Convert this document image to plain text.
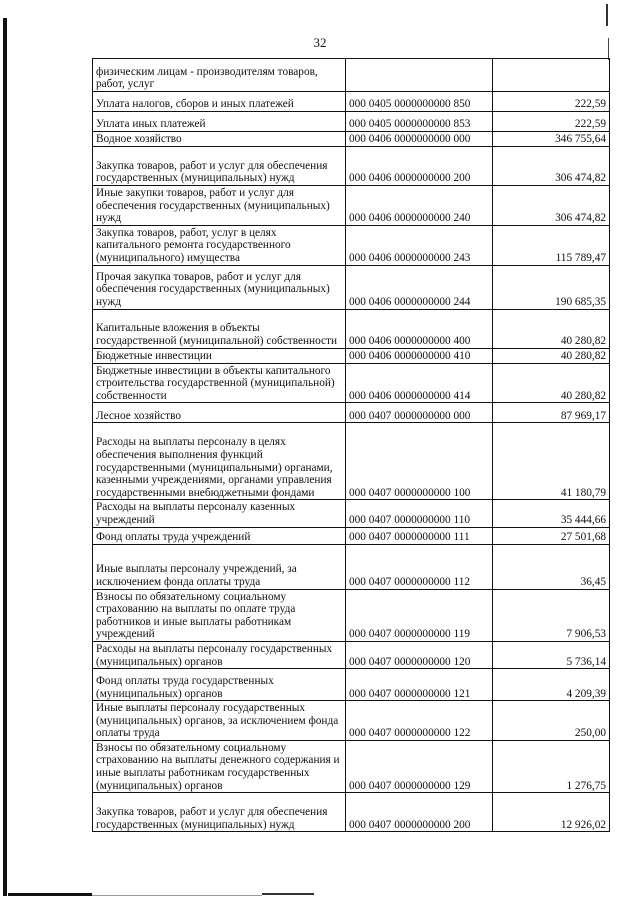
32
физическим лицам - производителям товаров, работ, услуг		
Уплата налогов, сборов и иных платежей	000 0405 0000000000 850	222,59
Уплата иных платежей	000 0405 0000000000 853	222,59
Водное хозяйство	000 0406 0000000000 000	346 755,64
Закупка товаров, работ и услуг для обеспечения государственных (муниципальных) нужд	000 0406 0000000000 200	306 474,82
Иные закупки товаров, работ и услуг для обеспечения государственных (муниципальных) нужд	000 0406 0000000000 240	306 474,82
Закупка товаров, работ, услуг в целях капитального ремонта государственного (муниципального) имущества	000 0406 0000000000 243	115 789,47
Прочая закупка товаров, работ и услуг для обеспечения государственных (муниципальных) нужд	000 0406 0000000000 244	190 685,35
Капитальные вложения в объекты государственной (муниципальной) собственности	000 0406 0000000000 400	40 280,82
Бюджетные инвестиции	000 0406 0000000000 410	40 280,82
Бюджетные инвестиции в объекты капитального строительства государственной (муниципальной) собственности	000 0406 0000000000 414	40 280,82
Лесное хозяйство	000 0407 0000000000 000	87 969,17
Расходы на выплаты персоналу в целях обеспечения выполнения функций государственными (муниципальными) органами, казенными учреждениями, органами управления государственными внебюджетными фондами	000 0407 0000000000 100	41 180,79
Расходы на выплаты персоналу казенных учреждений	000 0407 0000000000 110	35 444,66
Фонд оплаты труда учреждений	000 0407 0000000000 111	27 501,68
Иные выплаты персоналу учреждений, за исключением фонда оплаты труда	000 0407 0000000000 112	36,45
Взносы по обязательному социальному страхованию на выплаты по оплате труда работников и иные выплаты работникам учреждений	000 0407 0000000000 119	7 906,53
Расходы на выплаты персоналу государственных (муниципальных) органов	000 0407 0000000000 120	5 736,14
Фонд оплаты труда государственных (муниципальных) органов	000 0407 0000000000 121	4 209,39
Иные выплаты персоналу государственных (муниципальных) органов, за исключением фонда оплаты труда	000 0407 0000000000 122	250,00
Взносы по обязательному социальному страхованию на выплаты денежного содержания и иные выплаты работникам государственных (муниципальных) органов	000 0407 0000000000 129	1 276,75
Закупка товаров, работ и услуг для обеспечения государственных (муниципальных) нужд	000 0407 0000000000 200	12 926,02
